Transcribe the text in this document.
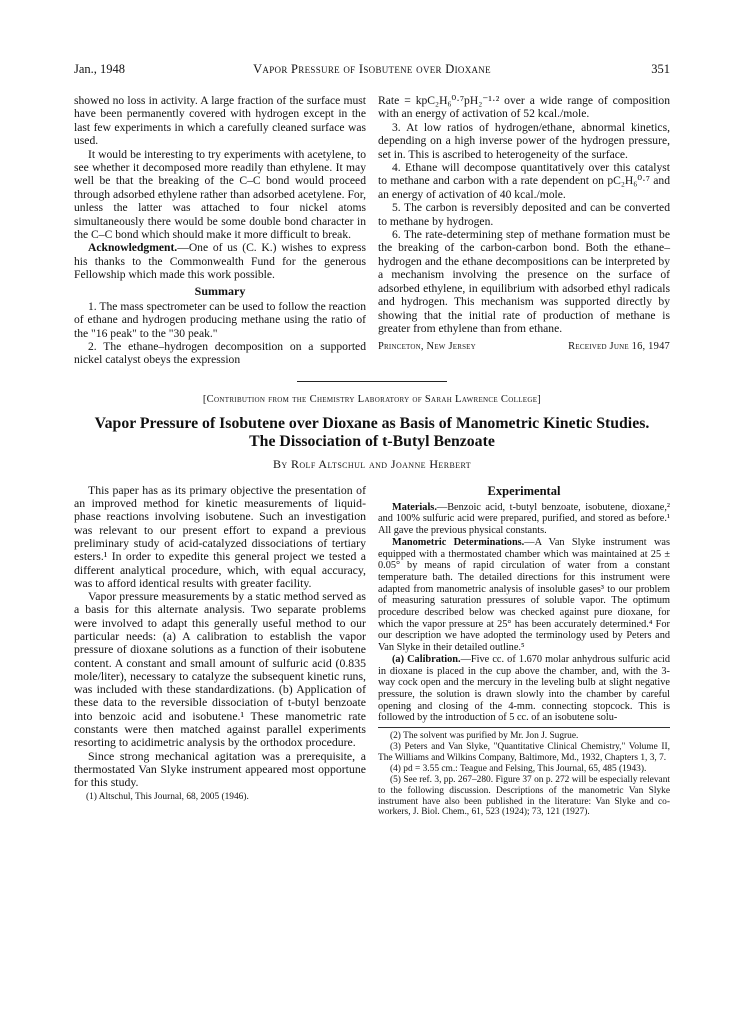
Jan., 1948	Vapor Pressure of Isobutene over Dioxane	351

showed no loss in activity. A large fraction of the surface must have been permanently covered with hydrogen except in the last few experiments in which a carefully cleaned surface was used.

It would be interesting to try experiments with acetylene, to see whether it decomposed more readily than ethylene. It may well be that the breaking of the C–C bond would proceed through adsorbed ethylene rather than adsorbed acetylene. For, unless the latter was attached to four nickel atoms simultaneously there would be some double bond character in the C–C bond which should make it more difficult to break.

Acknowledgment.—One of us (C. K.) wishes to express his thanks to the Commonwealth Fund for the generous Fellowship which made this work possible.

Summary

1. The mass spectrometer can be used to follow the reaction of ethane and hydrogen producing methane using the ratio of the "16 peak" to the "30 peak."

2. The ethane–hydrogen decomposition on a supported nickel catalyst obeys the expression

Rate = kpC₂H₆⁰·⁷pH₂⁻¹·² over a wide range of composition with an energy of activation of 52 kcal./mole.

3. At low ratios of hydrogen/ethane, abnormal kinetics, depending on a high inverse power of the hydrogen pressure, set in. This is ascribed to heterogeneity of the surface.

4. Ethane will decompose quantitatively over this catalyst to methane and carbon with a rate dependent on pC₂H₆⁰·⁷ and an energy of activation of 40 kcal./mole.

5. The carbon is reversibly deposited and can be converted to methane by hydrogen.

6. The rate-determining step of methane formation must be the breaking of the carbon-carbon bond. Both the ethane–hydrogen and the ethane decompositions can be interpreted by a mechanism involving the presence on the surface of adsorbed ethylene, in equilibrium with adsorbed ethyl radicals and hydrogen. This mechanism was supported directly by showing that the initial rate of production of methane is greater from ethylene than from ethane.

Princeton, New Jersey	Received June 16, 1947
[Contribution from the Chemistry Laboratory of Sarah Lawrence College]
Vapor Pressure of Isobutene over Dioxane as Basis of Manometric Kinetic Studies.
The Dissociation of t-Butyl Benzoate
By Rolf Altschul and Joanne Herbert

This paper has as its primary objective the presentation of an improved method for kinetic measurements of liquid-phase reactions involving isobutene. Such an investigation was relevant to our present effort to expand a previous preliminary study of acid-catalyzed dissociations of tertiary esters.¹ In order to expedite this general project we tested a different analytical procedure, which, with equal accuracy, was to afford identical results with greater facility.

Vapor pressure measurements by a static method served as a basis for this alternate analysis. Two separate problems were involved to adapt this generally useful method to our particular needs: (a) A calibration to establish the vapor pressure of dioxane solutions as a function of their isobutene content. A constant and small amount of sulfuric acid (0.835 mole/liter), necessary to catalyze the subsequent kinetic runs, was included with these standardizations. (b) Application of these data to the reversible dissociation of t-butyl benzoate into benzoic acid and isobutene.¹ These manometric rate constants were then matched against parallel experiments resorting to acidimetric analysis by the orthodox procedure.

Since strong mechanical agitation was a prerequisite, a thermostated Van Slyke instrument appeared most opportune for this study.

(1) Altschul, This Journal, 68, 2005 (1946).

Experimental

Materials.—Benzoic acid, t-butyl benzoate, isobutene, dioxane,² and 100% sulfuric acid were prepared, purified, and stored as before.¹ All gave the previous physical constants.

Manometric Determinations.—A Van Slyke instrument was equipped with a thermostated chamber which was maintained at 25 ± 0.05° by means of rapid circulation of water from a constant temperature bath. The detailed directions for this instrument were adapted from manometric analysis of insoluble gases³ to our problem of measuring saturation pressures of soluble vapor. The optimum procedure described below was checked against pure dioxane, for which the vapor pressure at 25° has been accurately determined.⁴ For our description we have adopted the terminology used by Peters and Van Slyke in their detailed outline.⁵

(a) Calibration.—Five cc. of 1.670 molar anhydrous sulfuric acid in dioxane is placed in the cup above the chamber, and, with the 3-way cock open and the mercury in the leveling bulb at slight negative pressure, the solution is drawn slowly into the chamber by careful opening and closing of the 4-mm. connecting stopcock. This is followed by the introduction of 5 cc. of an isobutene solu-

(2) The solvent was purified by Mr. Jon J. Sugrue.

(3) Peters and Van Slyke, "Quantitative Clinical Chemistry," Volume II, The Williams and Wilkins Company, Baltimore, Md., 1932, Chapters 1, 3, 7.

(4) pd = 3.55 cm.: Teague and Felsing, This Journal, 65, 485 (1943).

(5) See ref. 3, pp. 267–280. Figure 37 on p. 272 will be especially relevant to the following discussion. Descriptions of the manometric Van Slyke instrument have also been published in the literature: Van Slyke and co-workers, J. Biol. Chem., 61, 523 (1924); 73, 121 (1927).
